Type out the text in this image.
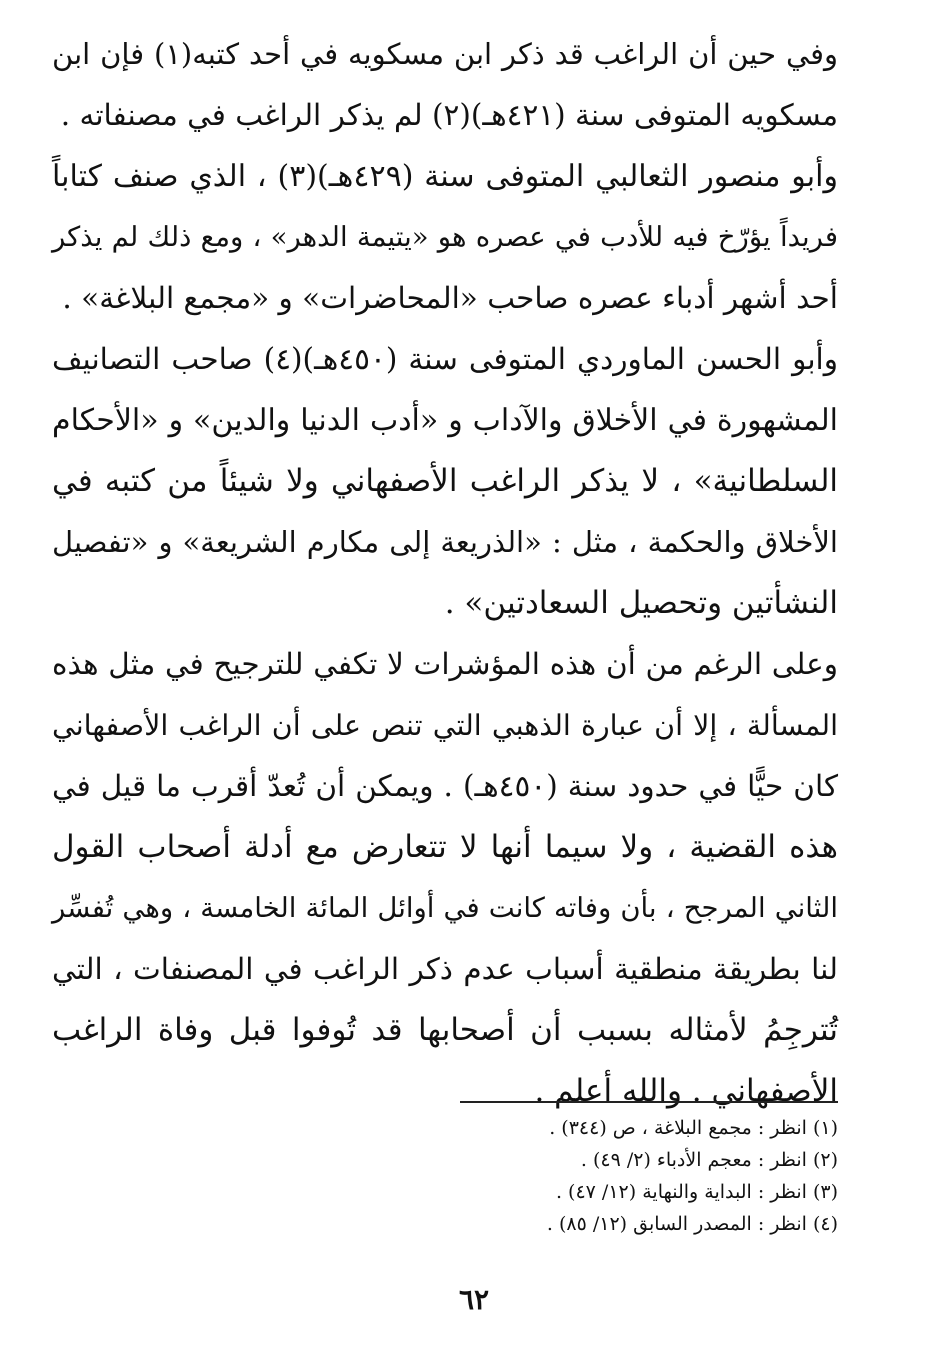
وفي حين أن الراغب قد ذكر ابن مسكويه في أحد كتبه(١) فإن ابن
مسكويه المتوفى سنة (٤٢١هـ)(٢) لم يذكر الراغب في مصنفاته .

وأبو منصور الثعالبي المتوفى سنة (٤٢٩هـ)(٣) ، الذي صنف كتاباً
فريداً يؤرّخ فيه للأدب في عصره هو «يتيمة الدهر» ، ومع ذلك لم يذكر
أحد أشهر أدباء عصره صاحب «المحاضرات» و «مجمع البلاغة» .

وأبو الحسن الماوردي المتوفى سنة (٤٥٠هـ)(٤) صاحب التصانيف
المشهورة في الأخلاق والآداب و «أدب الدنيا والدين» و «الأحكام
السلطانية» ، لا يذكر الراغب الأصفهاني ولا شيئاً من كتبه في
الأخلاق والحكمة ، مثل : «الذريعة إلى مكارم الشريعة» و «تفصيل
النشأتين وتحصيل السعادتين» .

وعلى الرغم من أن هذه المؤشرات لا تكفي للترجيح في مثل هذه
المسألة ، إلا أن عبارة الذهبي التي تنص على أن الراغب الأصفهاني
كان حيًّا في حدود سنة (٤٥٠هـ) . ويمكن أن تُعدّ أقرب ما قيل في
هذه القضية ، ولا سيما أنها لا تتعارض مع أدلة أصحاب القول
الثاني المرجح ، بأن وفاته كانت في أوائل المائة الخامسة ، وهي تُفسِّر
لنا بطريقة منطقية أسباب عدم ذكر الراغب في المصنفات ، التي
تُترجِمُ لأمثاله بسبب أن أصحابها قد تُوفوا قبل وفاة الراغب
الأصفهاني . والله أعلم .

(١) انظر : مجمع البلاغة ، ص (٣٤٤) .
(٢) انظر : معجم الأدباء (٢/ ٤٩) .
(٣) انظر : البداية والنهاية (١٢/ ٤٧) .
(٤) انظر : المصدر السابق (١٢/ ٨٥) .
٦٢
